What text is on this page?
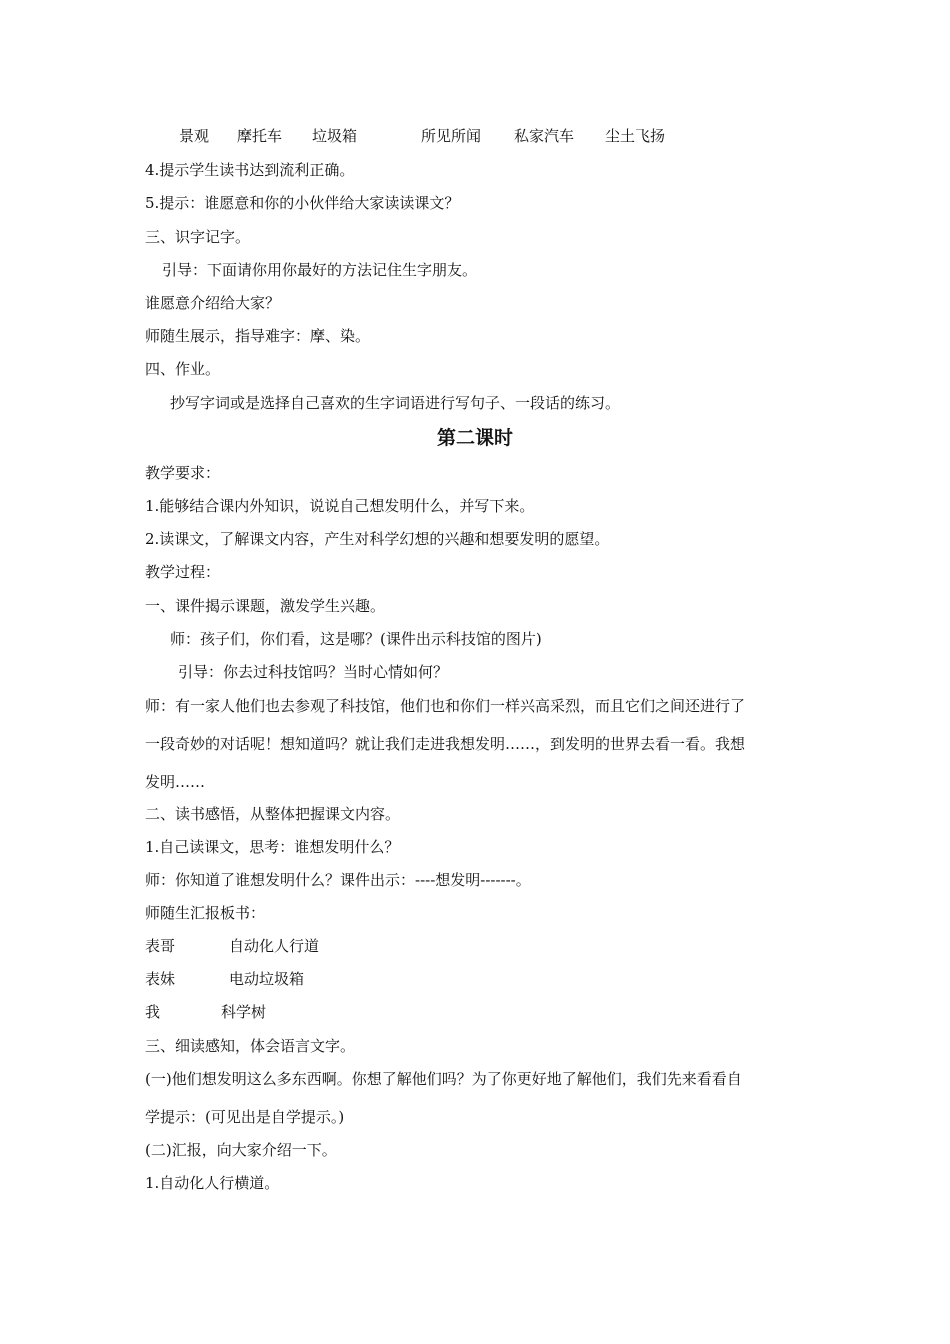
景观 摩托车 垃圾箱	所见所闻 私家汽车 尘土飞扬
4.提示学生读书达到流利正确。
5.提示：谁愿意和你的小伙伴给大家读读课文？
三、识字记字。
引导：下面请你用你最好的方法记住生字朋友。
谁愿意介绍给大家？
师随生展示，指导难字：摩、染。
四、作业。
抄写字词或是选择自己喜欢的生字词语进行写句子、一段话的练习。
第二课时
教学要求：
1.能够结合课内外知识，说说自己想发明什么，并写下来。
2.读课文，了解课文内容，产生对科学幻想的兴趣和想要发明的愿望。
教学过程：
一、课件揭示课题，激发学生兴趣。
师：孩子们，你们看，这是哪？(课件出示科技馆的图片)
引导：你去过科技馆吗？当时心情如何？
师：有一家人他们也去参观了科技馆，他们也和你们一样兴高采烈，而且它们之间还进行了
一段奇妙的对话呢！想知道吗？就让我们走进我想发明……，到发明的世界去看一看。我想
发明……
二、读书感悟，从整体把握课文内容。
1.自己读课文，思考：谁想发明什么？
师：你知道了谁想发明什么？课件出示：----想发明-------。
师随生汇报板书：
表哥	自动化人行道
表妹	电动垃圾箱
我	科学树
三、细读感知，体会语言文字。
(一)他们想发明这么多东西啊。你想了解他们吗？为了你更好地了解他们，我们先来看看自
学提示：(可见出是自学提示。)
(二)汇报，向大家介绍一下。
1.自动化人行横道。
